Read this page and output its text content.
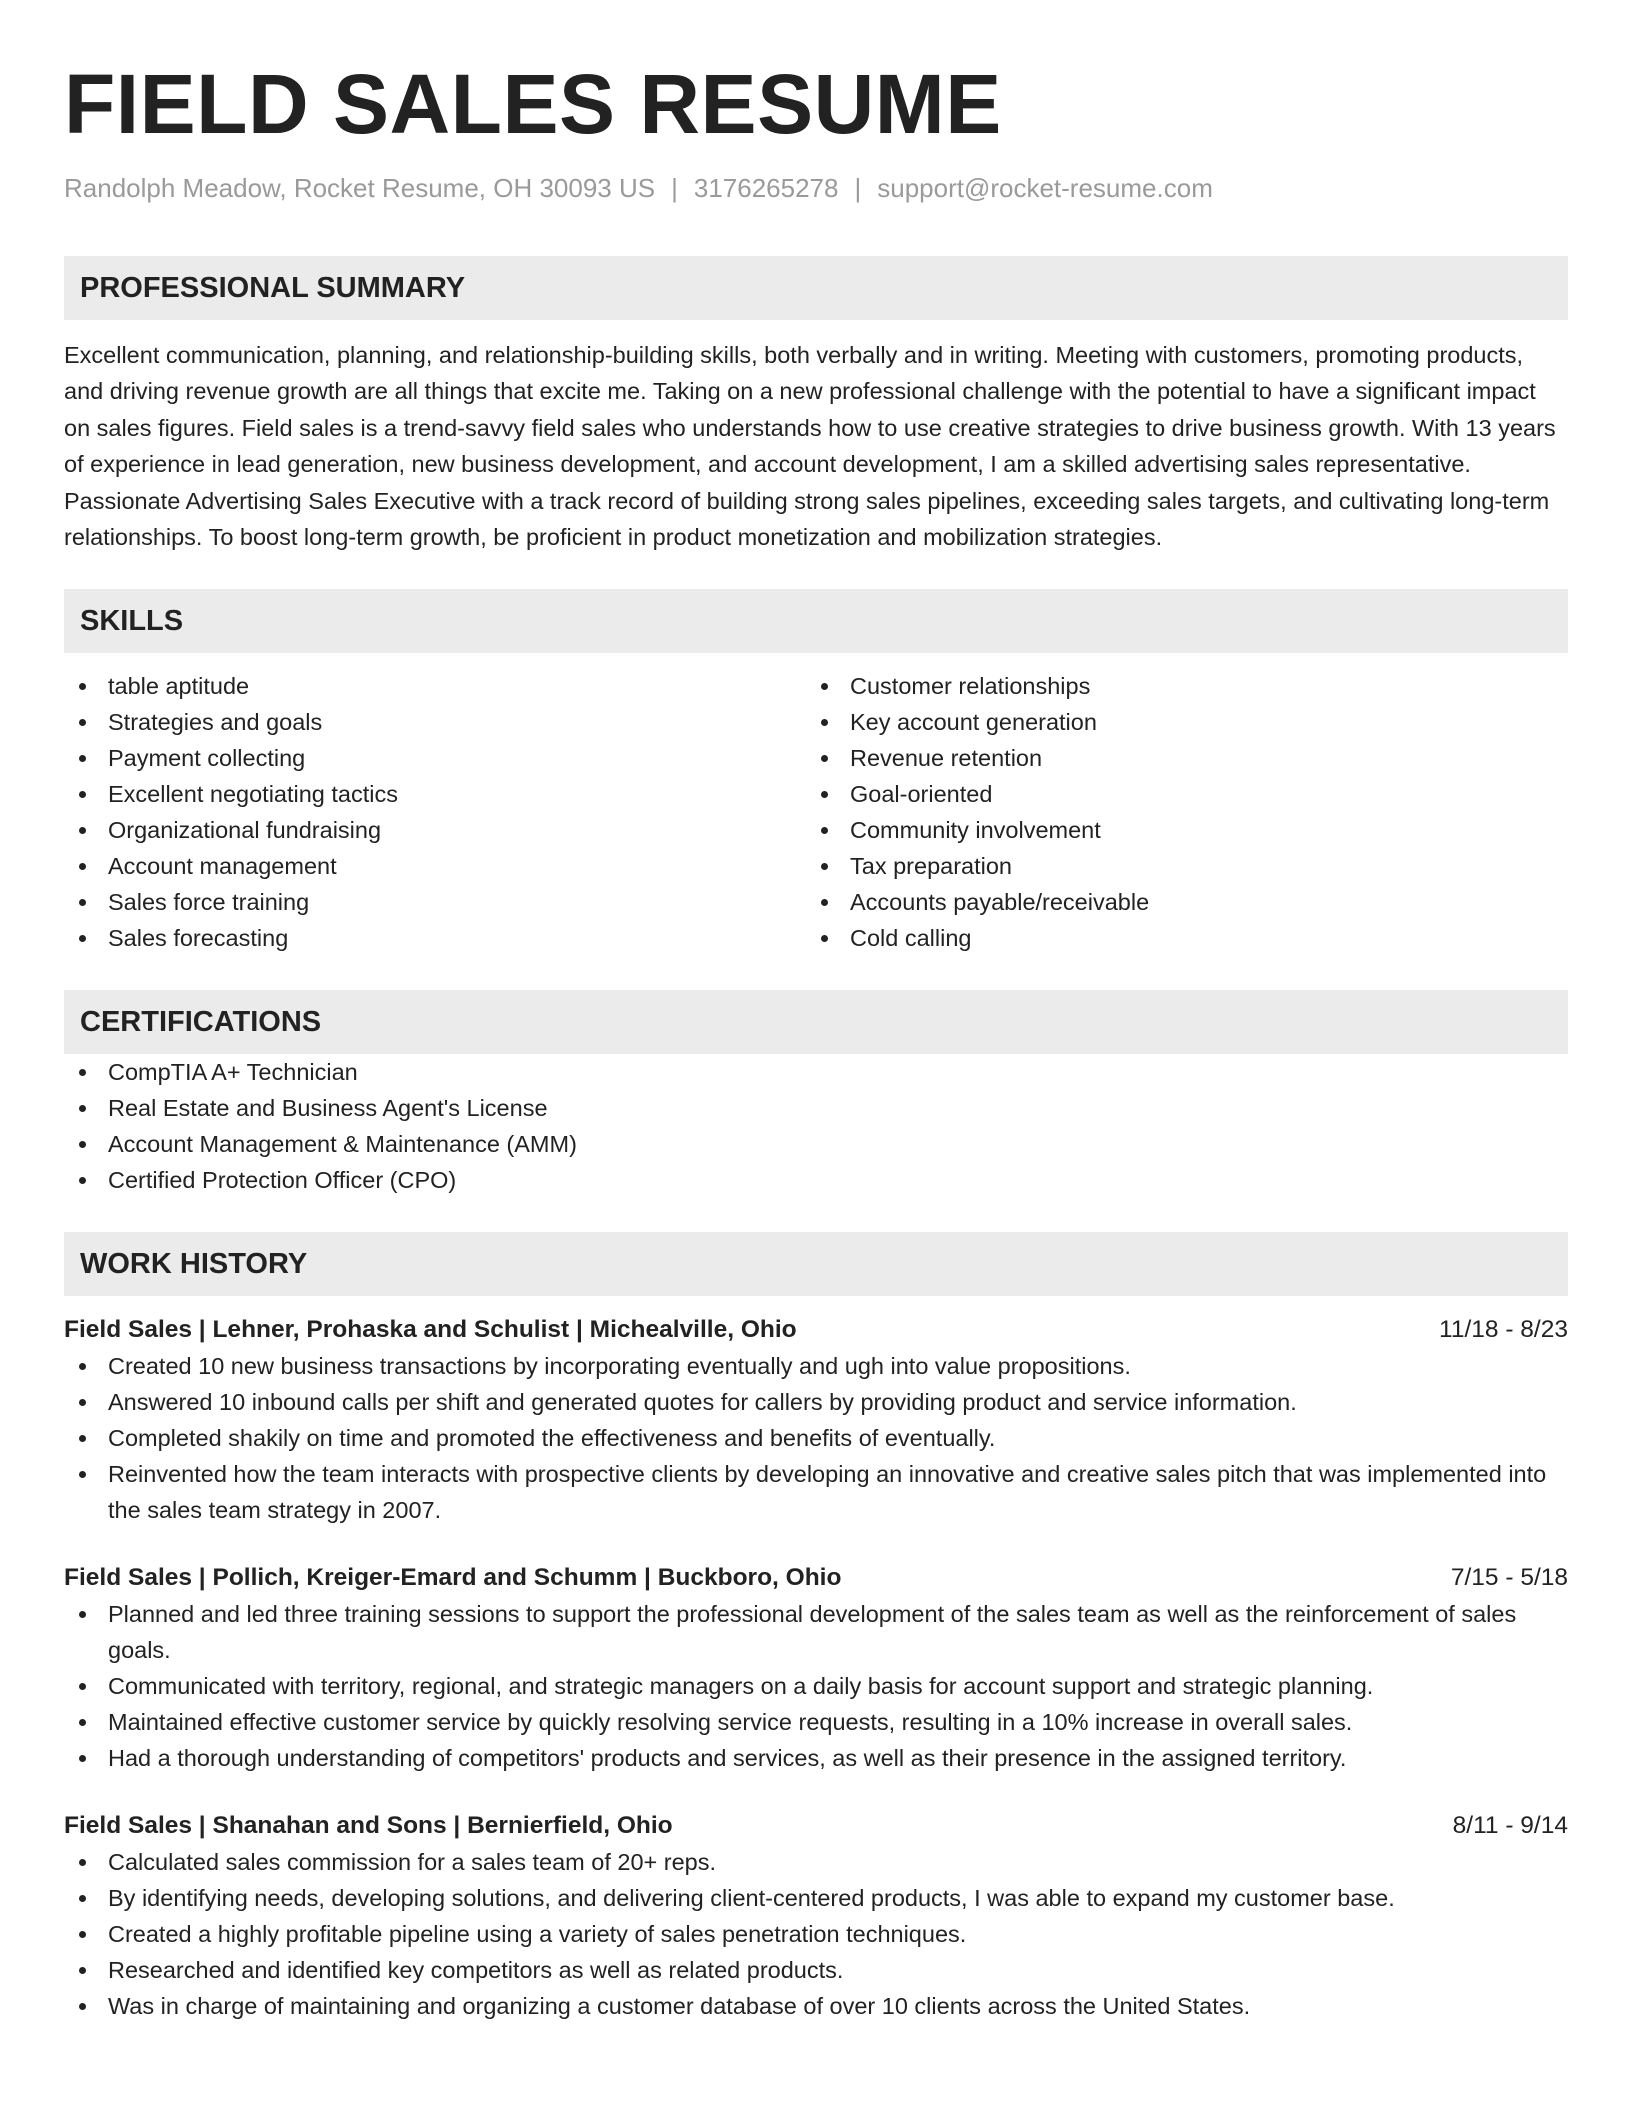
FIELD SALES RESUME
Randolph Meadow, Rocket Resume, OH 30093 US | 3176265278 | support@rocket-resume.com
PROFESSIONAL SUMMARY
Excellent communication, planning, and relationship-building skills, both verbally and in writing. Meeting with customers, promoting products, and driving revenue growth are all things that excite me. Taking on a new professional challenge with the potential to have a significant impact on sales figures. Field sales is a trend-savvy field sales who understands how to use creative strategies to drive business growth. With 13 years of experience in lead generation, new business development, and account development, I am a skilled advertising sales representative. Passionate Advertising Sales Executive with a track record of building strong sales pipelines, exceeding sales targets, and cultivating long-term relationships. To boost long-term growth, be proficient in product monetization and mobilization strategies.
SKILLS
table aptitude
Strategies and goals
Payment collecting
Excellent negotiating tactics
Organizational fundraising
Account management
Sales force training
Sales forecasting
Customer relationships
Key account generation
Revenue retention
Goal-oriented
Community involvement
Tax preparation
Accounts payable/receivable
Cold calling
CERTIFICATIONS
CompTIA A+ Technician
Real Estate and Business Agent's License
Account Management & Maintenance (AMM)
Certified Protection Officer (CPO)
WORK HISTORY
Field Sales | Lehner, Prohaska and Schulist | Michealville, Ohio	11/18 - 8/23
Created 10 new business transactions by incorporating eventually and ugh into value propositions.
Answered 10 inbound calls per shift and generated quotes for callers by providing product and service information.
Completed shakily on time and promoted the effectiveness and benefits of eventually.
Reinvented how the team interacts with prospective clients by developing an innovative and creative sales pitch that was implemented into the sales team strategy in 2007.
Field Sales | Pollich, Kreiger-Emard and Schumm | Buckboro, Ohio	7/15 - 5/18
Planned and led three training sessions to support the professional development of the sales team as well as the reinforcement of sales goals.
Communicated with territory, regional, and strategic managers on a daily basis for account support and strategic planning.
Maintained effective customer service by quickly resolving service requests, resulting in a 10% increase in overall sales.
Had a thorough understanding of competitors' products and services, as well as their presence in the assigned territory.
Field Sales | Shanahan and Sons | Bernierfield, Ohio	8/11 - 9/14
Calculated sales commission for a sales team of 20+ reps.
By identifying needs, developing solutions, and delivering client-centered products, I was able to expand my customer base.
Created a highly profitable pipeline using a variety of sales penetration techniques.
Researched and identified key competitors as well as related products.
Was in charge of maintaining and organizing a customer database of over 10 clients across the United States.
